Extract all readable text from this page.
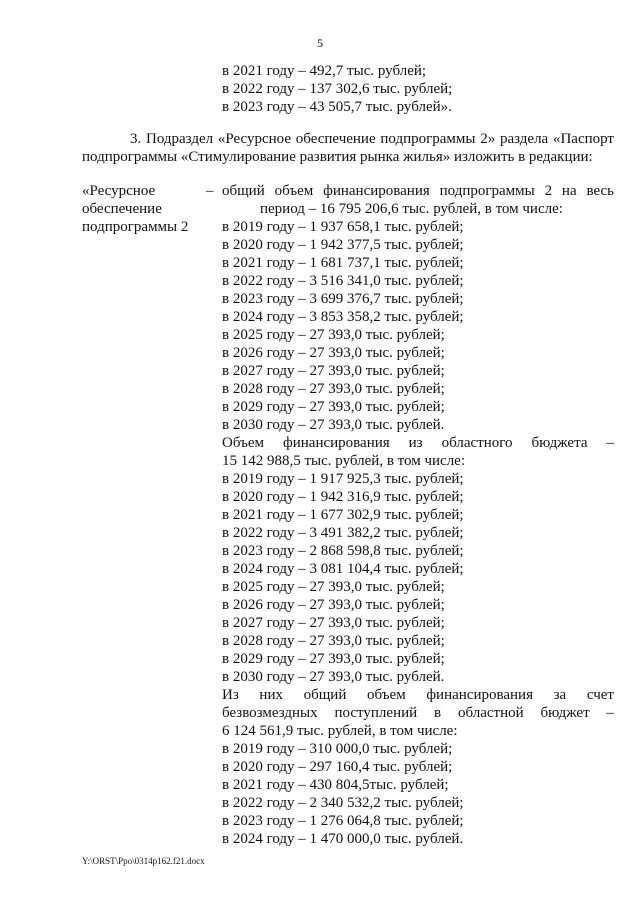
5
в 2021 году – 492,7 тыс. рублей;
в 2022 году – 137 302,6 тыс. рублей;
в 2023 году – 43 505,7 тыс. рублей».
3. Подраздел «Ресурсное обеспечение подпрограммы 2» раздела «Паспорт
подпрограммы «Стимулирование развития рынка жилья» изложить в редакции:
«Ресурсное
обеспечение
подпрограммы 2
– общий объем финансирования подпрограммы 2 на весь
период – 16 795 206,6 тыс. рублей, в том числе:
в 2019 году – 1 937 658,1 тыс. рублей;
в 2020 году – 1 942 377,5 тыс. рублей;
в 2021 году – 1 681 737,1 тыс. рублей;
в 2022 году – 3 516 341,0 тыс. рублей;
в 2023 году – 3 699 376,7 тыс. рублей;
в 2024 году – 3 853 358,2 тыс. рублей;
в 2025 году – 27 393,0 тыс. рублей;
в 2026 году – 27 393,0 тыс. рублей;
в 2027 году – 27 393,0 тыс. рублей;
в 2028 году – 27 393,0 тыс. рублей;
в 2029 году – 27 393,0 тыс. рублей;
в 2030 году – 27 393,0 тыс. рублей.
Объем финансирования из областного бюджета –
15 142 988,5 тыс. рублей, в том числе:
в 2019 году – 1 917 925,3 тыс. рублей;
в 2020 году – 1 942 316,9 тыс. рублей;
в 2021 году – 1 677 302,9 тыс. рублей;
в 2022 году – 3 491 382,2 тыс. рублей;
в 2023 году – 2 868 598,8 тыс. рублей;
в 2024 году – 3 081 104,4 тыс. рублей;
в 2025 году – 27 393,0 тыс. рублей;
в 2026 году – 27 393,0 тыс. рублей;
в 2027 году – 27 393,0 тыс. рублей;
в 2028 году – 27 393,0 тыс. рублей;
в 2029 году – 27 393,0 тыс. рублей;
в 2030 году – 27 393,0 тыс. рублей.
Из них общий объем финансирования за счет
безвозмездных поступлений в областной бюджет –
6 124 561,9 тыс. рублей, в том числе:
в 2019 году – 310 000,0 тыс. рублей;
в 2020 году – 297 160,4 тыс. рублей;
в 2021 году – 430 804,5тыс. рублей;
в 2022 году – 2 340 532,2 тыс. рублей;
в 2023 году – 1 276 064,8 тыс. рублей;
в 2024 году – 1 470 000,0 тыс. рублей.
Y:\ORST\Ppo\0314p162.f21.docx
